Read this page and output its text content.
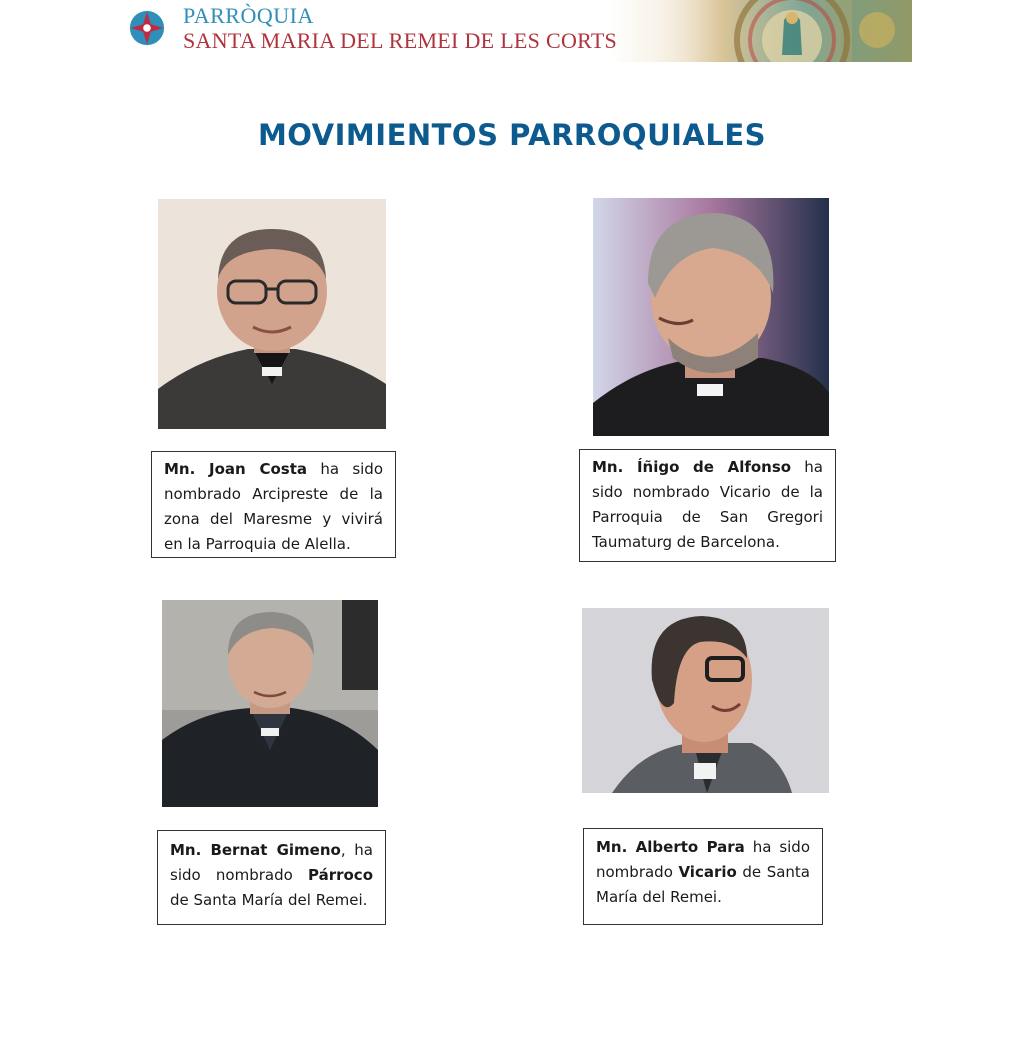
PARRÒQUIA
SANTA MARIA DEL REMEI DE LES CORTS
MOVIMIENTOS PARROQUIALES
Mn. Joan Costa ha sido nombrado Arcipreste de la zona del Maresme y vivirá en la Parroquia de Alella.
Mn. Íñigo de Alfonso ha sido nombrado Vicario de la Parroquia de San Gregori Taumaturg de Barcelona.
Mn. Bernat Gimeno, ha sido nombrado Párroco de Santa María del Remei.
Mn. Alberto Para ha sido nombrado Vicario de Santa María del Remei.
